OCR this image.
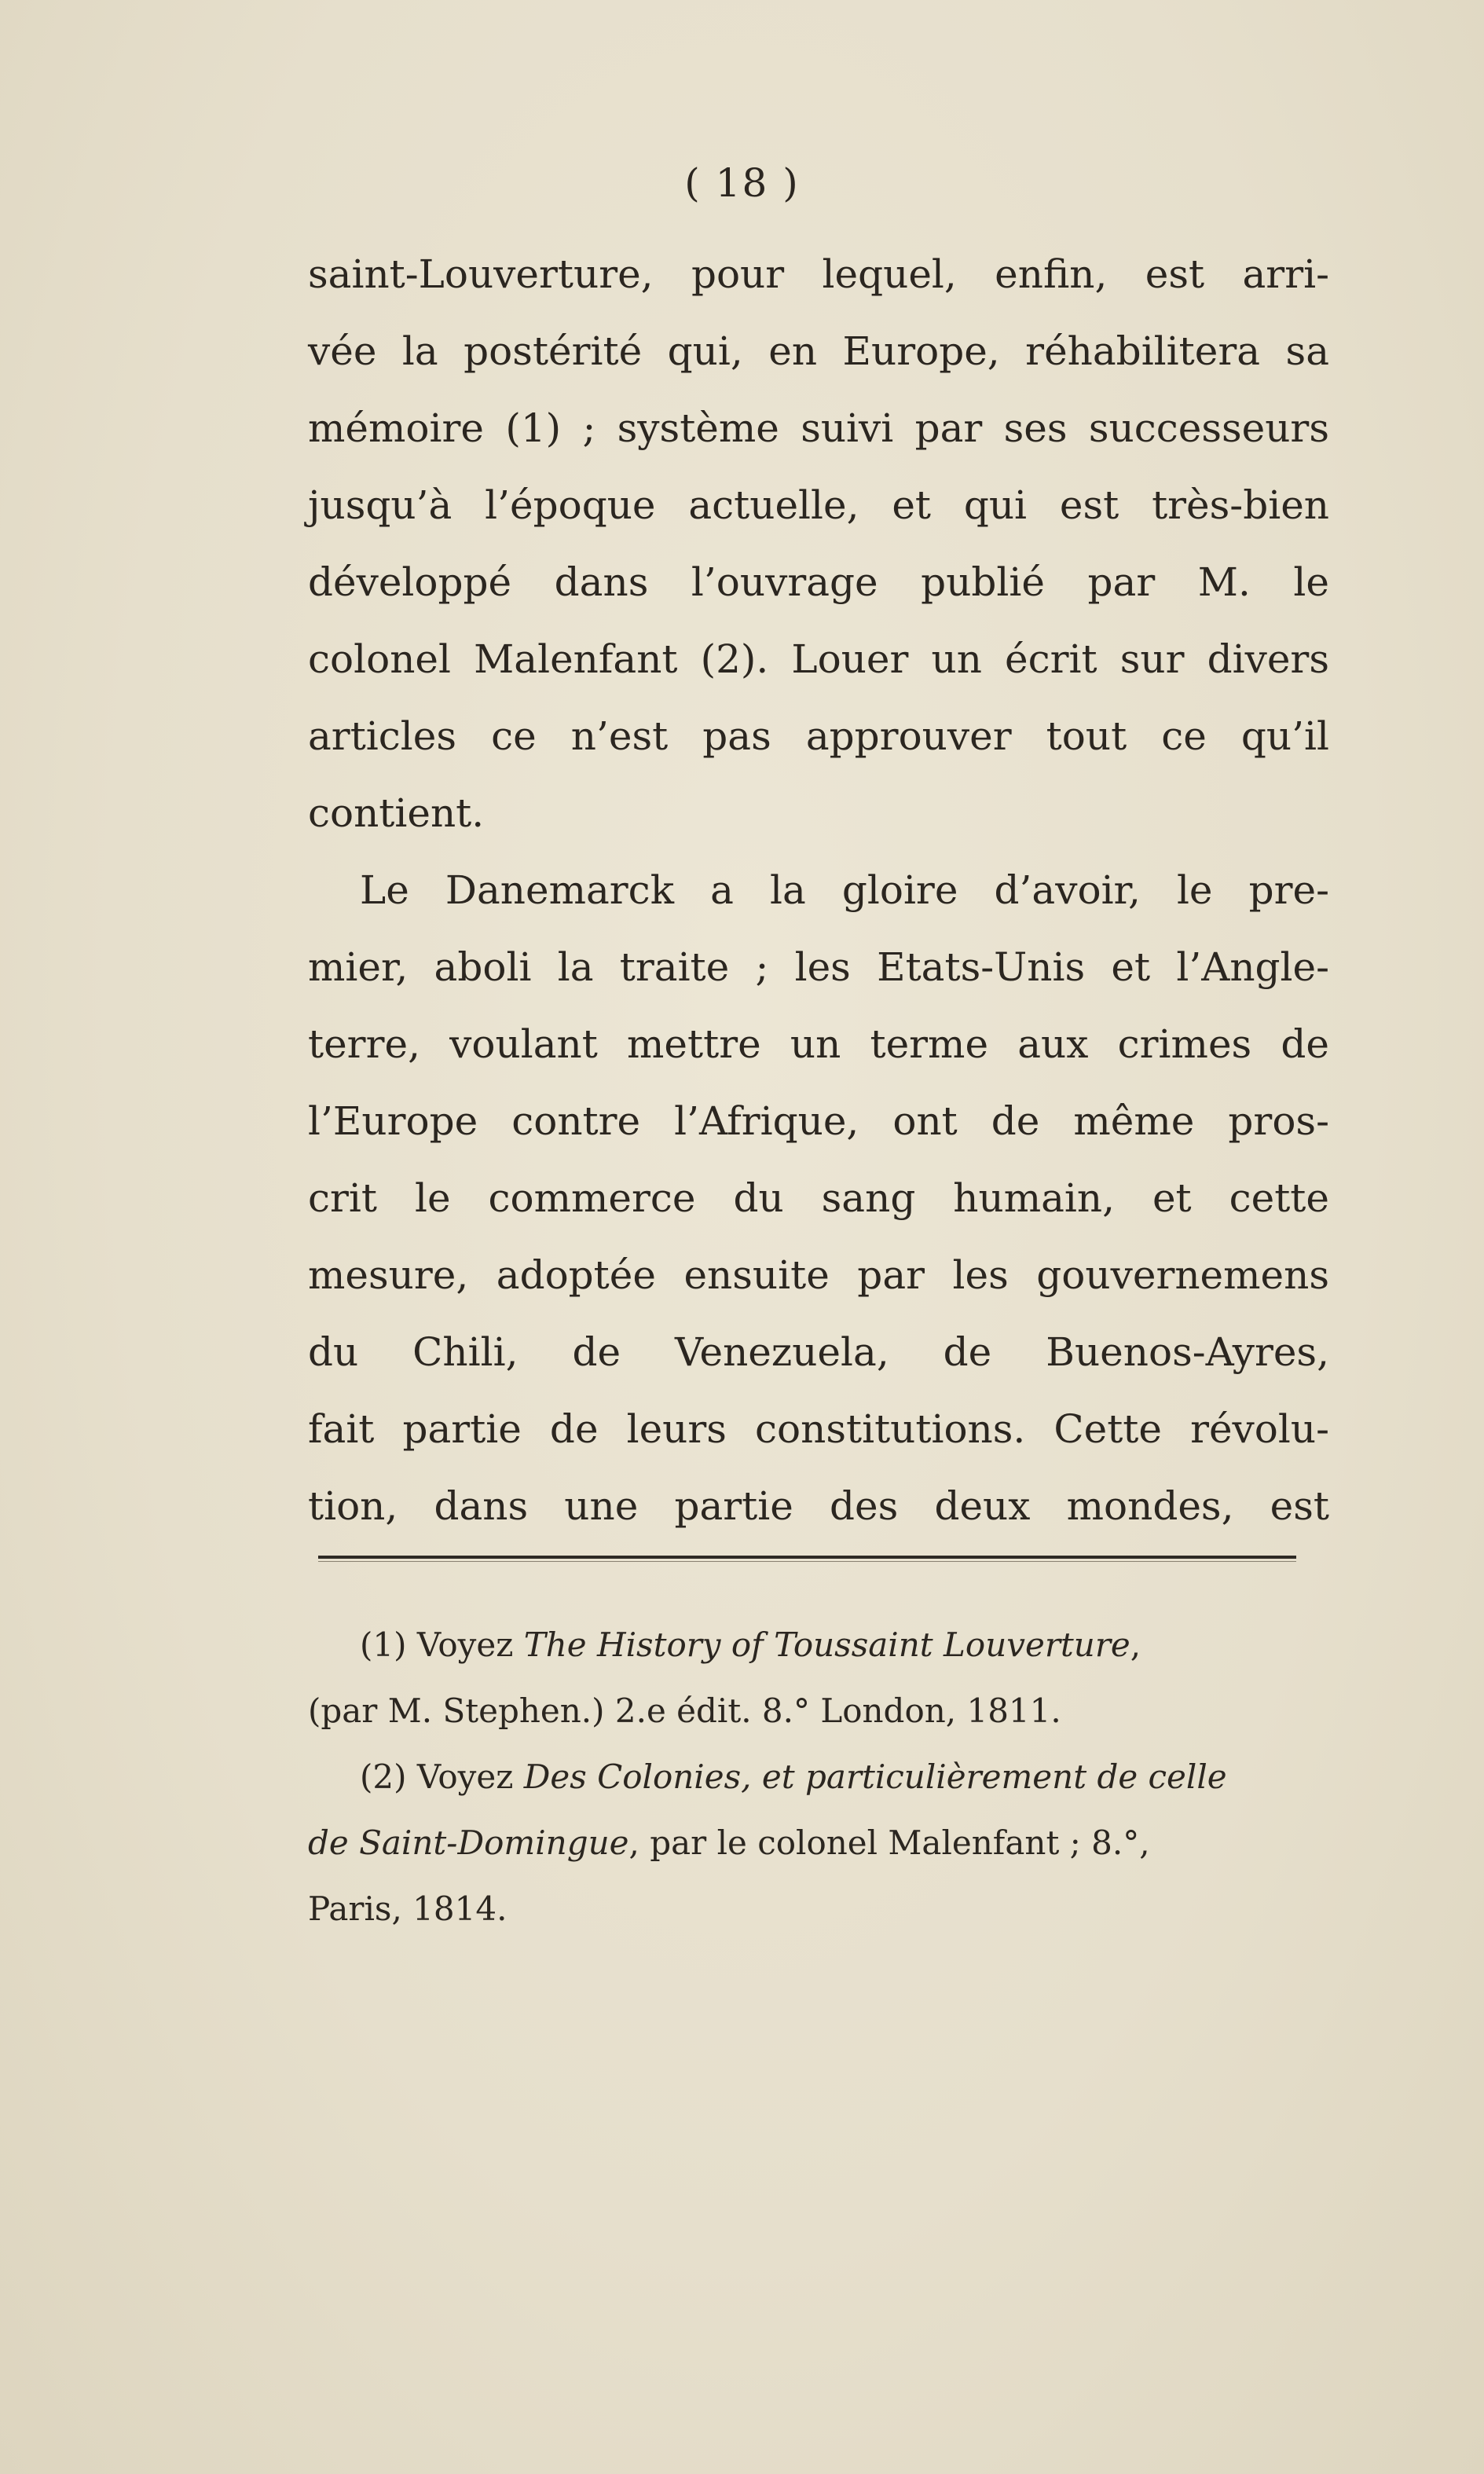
( 18 )
saint-Louverture, pour lequel, enfin, est arri-
vée la postérité qui, en Europe, réhabilitera sa
mémoire (1) ; système suivi par ses successeurs
jusqu’à l’époque actuelle, et qui est très-bien
développé dans l’ouvrage publié par M. le
colonel Malenfant (2). Louer un écrit sur divers
articles ce n’est pas approuver tout ce qu’il
contient.
Le Danemarck a la gloire d’avoir, le pre-
mier, aboli la traite ; les Etats-Unis et l’Angle-
terre, voulant mettre un terme aux crimes de
l’Europe contre l’Afrique, ont de même pros-
crit le commerce du sang humain, et cette
mesure, adoptée ensuite par les gouvernemens
du Chili, de Venezuela, de Buenos-Ayres,
fait partie de leurs constitutions. Cette révolu-
tion, dans une partie des deux mondes, est
(1) Voyez The History of Toussaint Louverture,
(par M. Stephen.) 2.e édit. 8.° London, 1811.
(2) Voyez Des Colonies, et particulièrement de celle
de Saint-Domingue, par le colonel Malenfant ; 8.°,
Paris, 1814.
